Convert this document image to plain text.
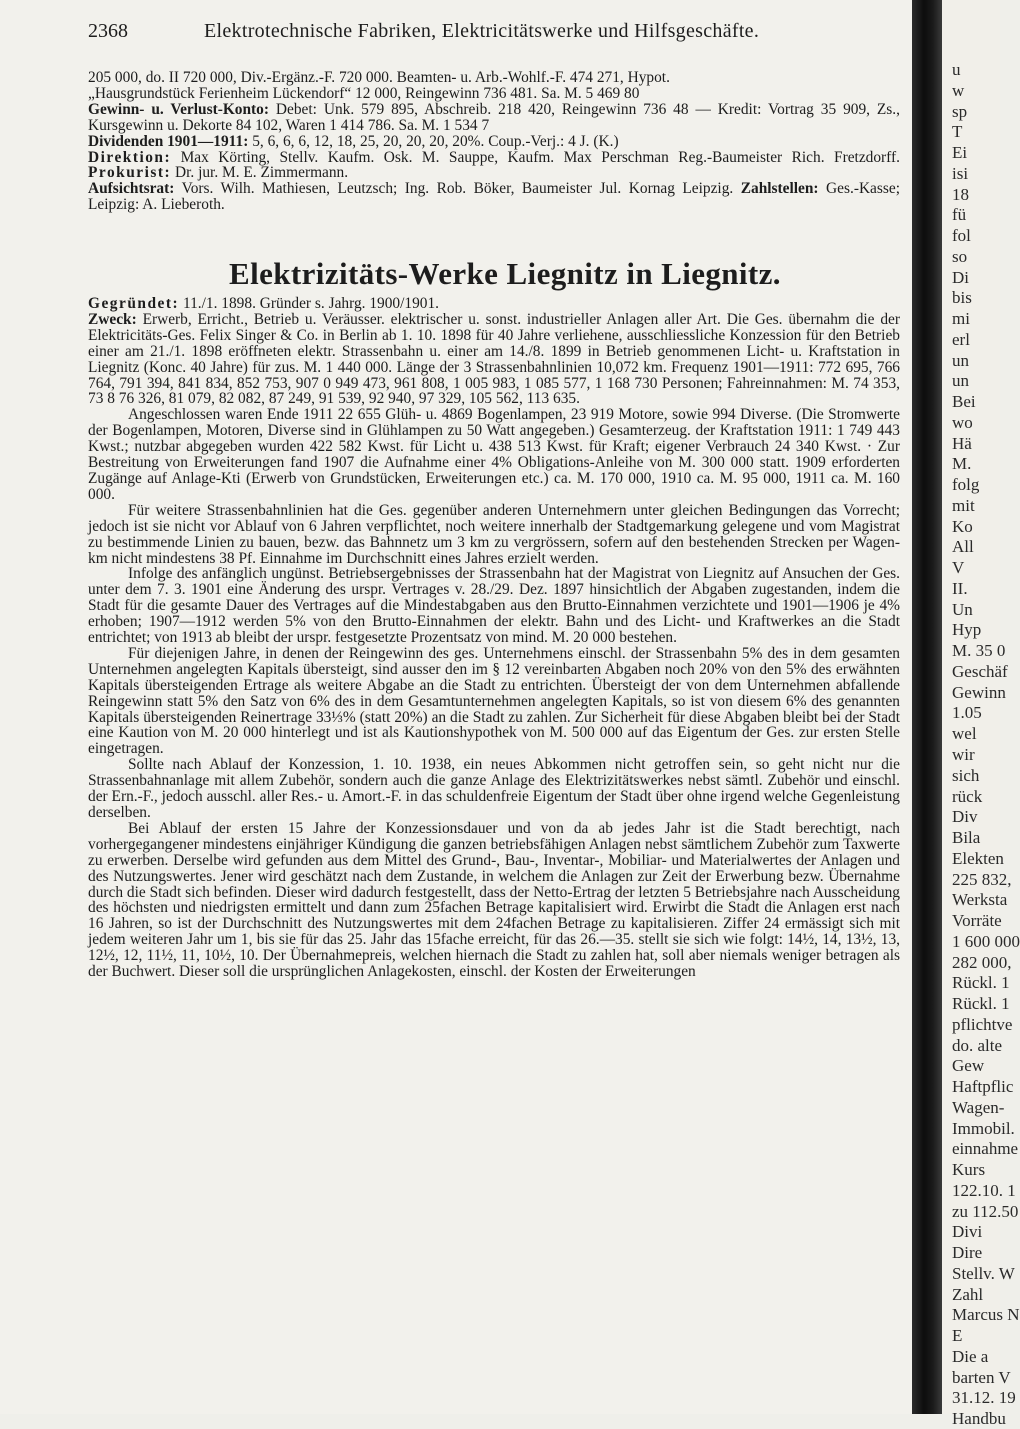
2368	Elektrotechnische Fabriken, Elektricitätswerke und Hilfsgeschäfte.

205 000, do. II 720 000, Div.-Ergänz.-F. 720 000. Beamten- u. Arb.-Wohlf.-F. 474 271, Hypot.

„Hausgrundstück Ferienheim Lückendorf“ 12 000, Reingewinn 736 481. Sa. M. 5 469 80

Gewinn- u. Verlust-Konto: Debet: Unk. 579 895, Abschreib. 218 420, Reingewinn 736 48 — Kredit: Vortrag 35 909, Zs., Kursgewinn u. Dekorte 84 102, Waren 1 414 786. Sa. M. 1 534 7

Dividenden 1901—1911: 5, 6, 6, 6, 12, 18, 25, 20, 20, 20, 20%. Coup.-Verj.: 4 J. (K.)

Direktion: Max Körting, Stellv. Kaufm. Osk. M. Sauppe, Kaufm. Max Perschman Reg.-Baumeister Rich. Fretzdorff. Prokurist: Dr. jur. M. E. Zimmermann.

Aufsichtsrat: Vors. Wilh. Mathiesen, Leutzsch; Ing. Rob. Böker, Baumeister Jul. Kornag Leipzig. Zahlstellen: Ges.-Kasse; Leipzig: A. Lieberoth.

Elektrizitäts-Werke Liegnitz in Liegnitz.

Gegründet: 11./1. 1898. Gründer s. Jahrg. 1900/1901.

Zweck: Erwerb, Erricht., Betrieb u. Veräusser. elektrischer u. sonst. industrieller Anlagen aller Art. Die Ges. übernahm die der Elektricitäts-Ges. Felix Singer & Co. in Berlin ab 1. 10. 1898 für 40 Jahre verliehene, ausschliessliche Konzession für den Betrieb einer am 21./1. 1898 eröffneten elektr. Strassenbahn u. einer am 14./8. 1899 in Betrieb genommenen Licht- u. Kraftstation in Liegnitz (Konc. 40 Jahre) für zus. M. 1 440 000. Länge der 3 Strassenbahnlinien 10,072 km. Frequenz 1901—1911: 772 695, 766 764, 791 394, 841 834, 852 753, 907 0 949 473, 961 808, 1 005 983, 1 085 577, 1 168 730 Personen; Fahreinnahmen: M. 74 353, 73 8 76 326, 81 079, 82 082, 87 249, 91 539, 92 940, 97 329, 105 562, 113 635.

Angeschlossen waren Ende 1911 22 655 Glüh- u. 4869 Bogenlampen, 23 919 Motore, sowie 994 Diverse. (Die Stromwerte der Bogenlampen, Motoren, Diverse sind in Glühlampen zu 50 Watt angegeben.) Gesamterzeug. der Kraftstation 1911: 1 749 443 Kwst.; nutzbar abgegeben wurden 422 582 Kwst. für Licht u. 438 513 Kwst. für Kraft; eigener Verbrauch 24 340 Kwst. · Zur Bestreitung von Erweiterungen fand 1907 die Aufnahme einer 4% Obligations-Anleihe von M. 300 000 statt. 1909 erforderten Zugänge auf Anlage-Kti (Erwerb von Grundstücken, Erweiterungen etc.) ca. M. 170 000, 1910 ca. M. 95 000, 1911 ca. M. 160 000.

Für weitere Strassenbahnlinien hat die Ges. gegenüber anderen Unternehmern unter gleichen Bedingungen das Vorrecht; jedoch ist sie nicht vor Ablauf von 6 Jahren verpflichtet, noch weitere innerhalb der Stadtgemarkung gelegene und vom Magistrat zu bestimmende Linien zu bauen, bezw. das Bahnnetz um 3 km zu vergrössern, sofern auf den bestehenden Strecken per Wagen-km nicht mindestens 38 Pf. Einnahme im Durchschnitt eines Jahres erzielt werden.

Infolge des anfänglich ungünst. Betriebsergebnisses der Strassenbahn hat der Magistrat von Liegnitz auf Ansuchen der Ges. unter dem 7. 3. 1901 eine Änderung des urspr. Vertrages v. 28./29. Dez. 1897 hinsichtlich der Abgaben zugestanden, indem die Stadt für die gesamte Dauer des Vertrages auf die Mindestabgaben aus den Brutto-Einnahmen verzichtete und 1901—1906 je 4% erhoben; 1907—1912 werden 5% von den Brutto-Einnahmen der elektr. Bahn und des Licht- und Kraftwerkes an die Stadt entrichtet; von 1913 ab bleibt der urspr. festgesetzte Prozentsatz von mind. M. 20 000 bestehen.

Für diejenigen Jahre, in denen der Reingewinn des ges. Unternehmens einschl. der Strassenbahn 5% des in dem gesamten Unternehmen angelegten Kapitals übersteigt, sind ausser den im § 12 vereinbarten Abgaben noch 20% von den 5% des erwähnten Kapitals übersteigenden Ertrage als weitere Abgabe an die Stadt zu entrichten. Übersteigt der von dem Unternehmen abfallende Reingewinn statt 5% den Satz von 6% des in dem Gesamtunternehmen angelegten Kapitals, so ist von diesem 6% des genannten Kapitals übersteigenden Reinertrage 33⅓% (statt 20%) an die Stadt zu zahlen. Zur Sicherheit für diese Abgaben bleibt bei der Stadt eine Kaution von M. 20 000 hinterlegt und ist als Kautionshypothek von M. 500 000 auf das Eigentum der Ges. zur ersten Stelle eingetragen.

Sollte nach Ablauf der Konzession, 1. 10. 1938, ein neues Abkommen nicht getroffen sein, so geht nicht nur die Strassenbahnanlage mit allem Zubehör, sondern auch die ganze Anlage des Elektrizitätswerkes nebst sämtl. Zubehör und einschl. der Ern.-F., jedoch ausschl. aller Res.- u. Amort.-F. in das schuldenfreie Eigentum der Stadt über ohne irgend welche Gegenleistung derselben.

Bei Ablauf der ersten 15 Jahre der Konzessionsdauer und von da ab jedes Jahr ist die Stadt berechtigt, nach vorhergegangener mindestens einjähriger Kündigung die ganzen betriebsfähigen Anlagen nebst sämtlichem Zubehör zum Taxwerte zu erwerben. Derselbe wird gefunden aus dem Mittel des Grund-, Bau-, Inventar-, Mobiliar- und Materialwertes der Anlagen und des Nutzungswertes. Jener wird geschätzt nach dem Zustande, in welchem die Anlagen zur Zeit der Erwerbung bezw. Übernahme durch die Stadt sich befinden. Dieser wird dadurch festgestellt, dass der Netto-Ertrag der letzten 5 Betriebsjahre nach Ausscheidung des höchsten und niedrigsten ermittelt und dann zum 25fachen Betrage kapitalisiert wird. Erwirbt die Stadt die Anlagen erst nach 16 Jahren, so ist der Durchschnitt des Nutzungswertes mit dem 24fachen Betrage zu kapitalisieren. Ziffer 24 ermässigt sich mit jedem weiteren Jahr um 1, bis sie für das 25. Jahr das 15fache erreicht, für das 26.—35. stellt sie sich wie folgt: 14½, 14, 13½, 13, 12½, 12, 11½, 11, 10½, 10. Der Übernahmepreis, welchen hiernach die Stadt zu zahlen hat, soll aber niemals weniger betragen als der Buchwert. Dieser soll die ursprünglichen Anlagekosten, einschl. der Kosten der Erweiterungen

u
w
sp
T
Ei
isi
18
fü
fol
so
Di
bis
mi
erl
un
un
Bei
wo
Hä
M.
folg
mit
Ko
All
V
II.
Un
Hyp
M. 35 0
Geschäf
Gewinn
1.05
wel
wir
sich
rück
Div
Bila
Elekten
225 832,
Werksta
Vorräte
1 600 000
282 000,
Rückl. 1
Rückl. 1
pflichtve
do. alte
Gew
Haftpflic
Wagen-
Immobil.
einnahme
Kurs
122.10. 1
zu 112.50
Divi
Dire
Stellv. W
Zahl
Marcus N
E
Die a
barten V
31.12. 19
Handbu
